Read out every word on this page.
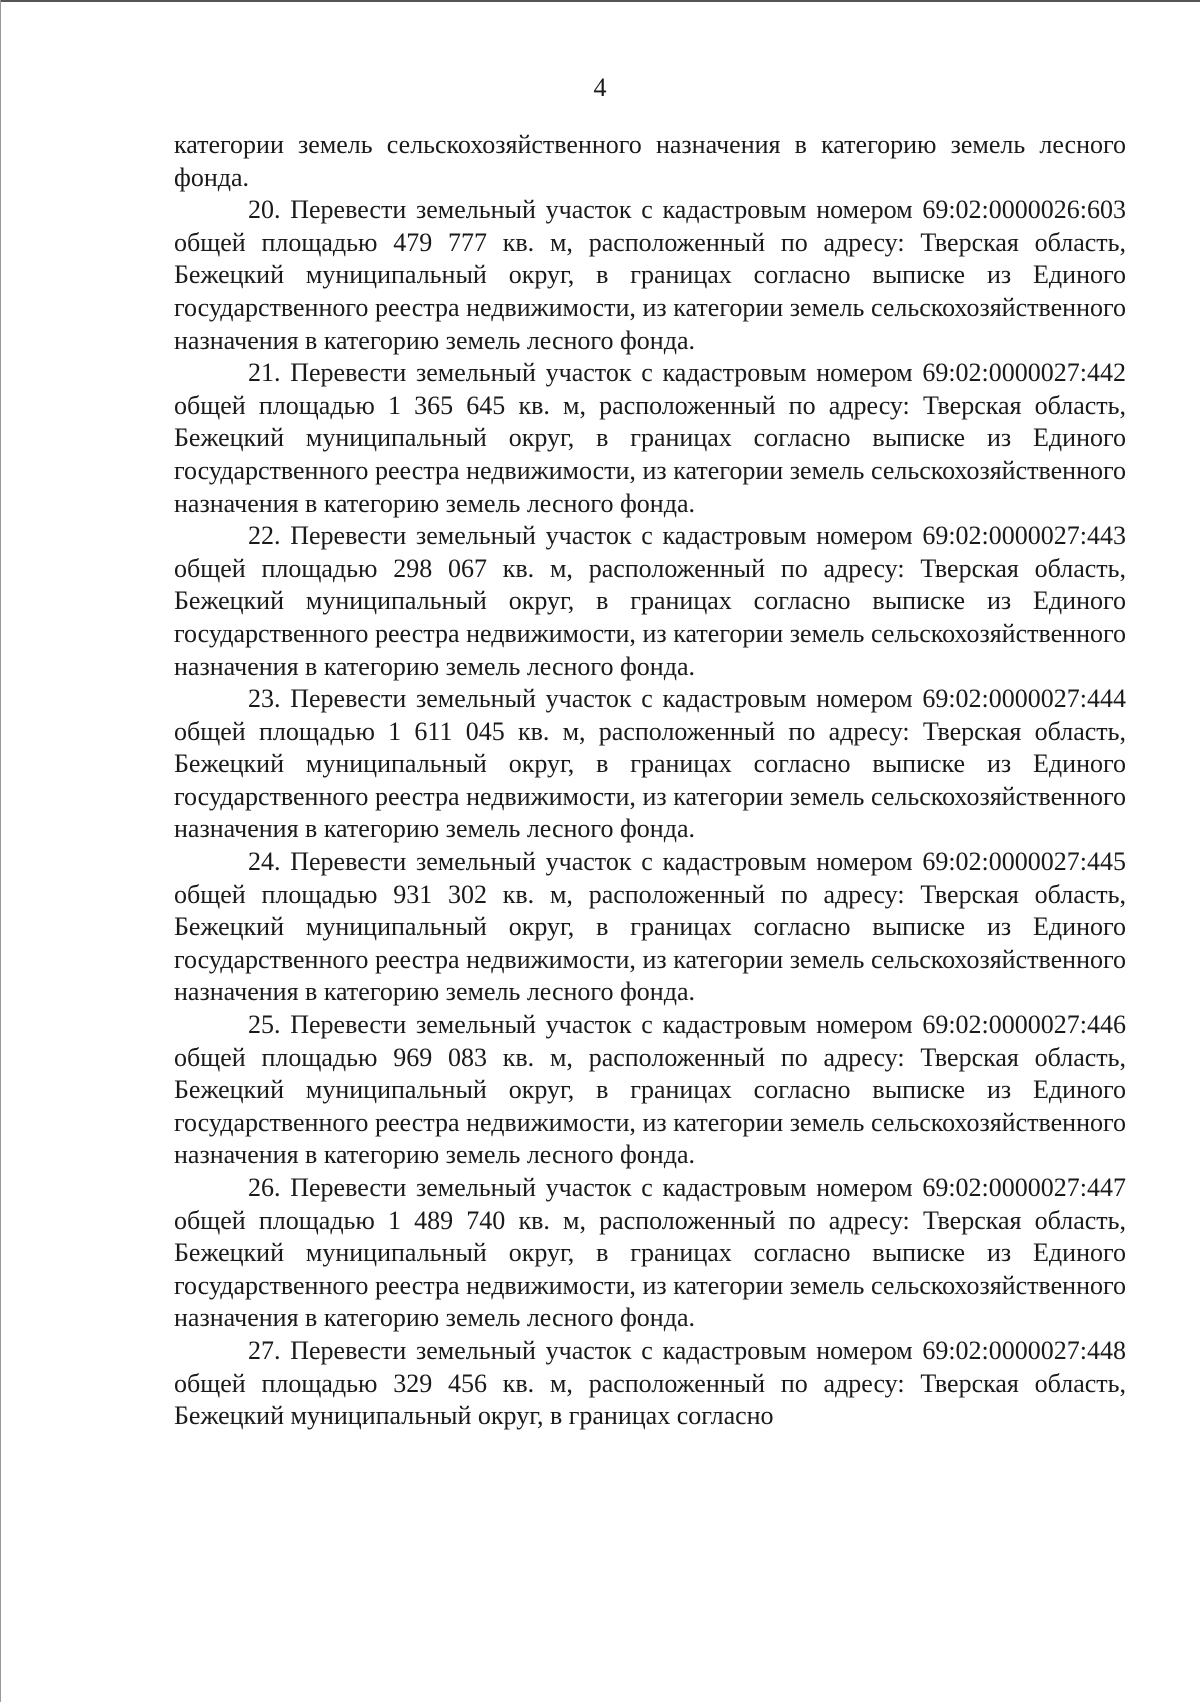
4

категории земель сельскохозяйственного назначения в категорию земель лесного фонда.

20. Перевести земельный участок с кадастровым номером 69:02:0000026:603 общей площадью 479 777 кв. м, расположенный по адресу: Тверская область, Бежецкий муниципальный округ, в границах согласно выписке из Единого государственного реестра недвижимости, из категории земель сельскохозяйственного назначения в категорию земель лесного фонда.

21. Перевести земельный участок с кадастровым номером 69:02:0000027:442 общей площадью 1 365 645 кв. м, расположенный по адресу: Тверская область, Бежецкий муниципальный округ, в границах согласно выписке из Единого государственного реестра недвижимости, из категории земель сельскохозяйственного назначения в категорию земель лесного фонда.

22. Перевести земельный участок с кадастровым номером 69:02:0000027:443 общей площадью 298 067 кв. м, расположенный по адресу: Тверская область, Бежецкий муниципальный округ, в границах согласно выписке из Единого государственного реестра недвижимости, из категории земель сельскохозяйственного назначения в категорию земель лесного фонда.

23. Перевести земельный участок с кадастровым номером 69:02:0000027:444 общей площадью 1 611 045 кв. м, расположенный по адресу: Тверская область, Бежецкий муниципальный округ, в границах согласно выписке из Единого государственного реестра недвижимости, из категории земель сельскохозяйственного назначения в категорию земель лесного фонда.

24. Перевести земельный участок с кадастровым номером 69:02:0000027:445 общей площадью 931 302 кв. м, расположенный по адресу: Тверская область, Бежецкий муниципальный округ, в границах согласно выписке из Единого государственного реестра недвижимости, из категории земель сельскохозяйственного назначения в категорию земель лесного фонда.

25. Перевести земельный участок с кадастровым номером 69:02:0000027:446 общей площадью 969 083 кв. м, расположенный по адресу: Тверская область, Бежецкий муниципальный округ, в границах согласно выписке из Единого государственного реестра недвижимости, из категории земель сельскохозяйственного назначения в категорию земель лесного фонда.

26. Перевести земельный участок с кадастровым номером 69:02:0000027:447 общей площадью 1 489 740 кв. м, расположенный по адресу: Тверская область, Бежецкий муниципальный округ, в границах согласно выписке из Единого государственного реестра недвижимости, из категории земель сельскохозяйственного назначения в категорию земель лесного фонда.

27. Перевести земельный участок с кадастровым номером 69:02:0000027:448 общей площадью 329 456 кв. м, расположенный по адресу: Тверская область, Бежецкий муниципальный округ, в границах согласно
